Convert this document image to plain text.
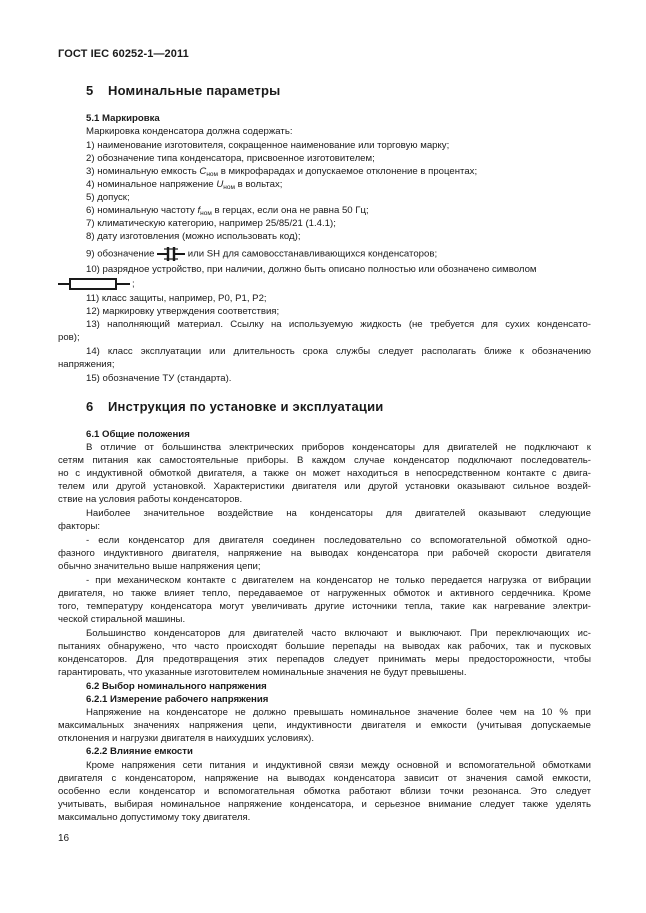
ГОСТ IEC 60252-1—2011
5 Номинальные параметры
5.1 Маркировка
Маркировка конденсатора должна содержать:
1) наименование изготовителя, сокращенное наименование или торговую марку;
2) обозначение типа конденсатора, присвоенное изготовителем;
3) номинальную емкость $C_{ном}$ в микрофарадах и допускаемое отклонение в процентах;
4) номинальное напряжение $U_{ном}$ в вольтах;
5) допуск;
6) номинальную частоту $f_{ном}$ в герцах, если она не равна 50 Гц;
7) климатическую категорию, например 25/85/21 (1.4.1);
8) дату изготовления (можно использовать код);
9) обозначение	или SH для самовосстанавливающихся конденсаторов;
10) разрядное устройство, при наличии, должно быть описано полностью или обозначено символом
;
11) класс защиты, например, P0, P1, P2;
12) маркировку утверждения соответствия;
13) наполняющий материал. Ссылку на используемую жидкость (не требуется для сухих конденсато-
ров);
14) класс эксплуатации или длительность срока службы следует располагать ближе к обозначению
напряжения;
15) обозначение ТУ (стандарта).
6 Инструкция по установке и эксплуатации
6.1 Общие положения
В отличие от большинства электрических приборов конденсаторы для двигателей не подключают к
сетям питания как самостоятельные приборы. В каждом случае конденсатор подключают последователь-
но с индуктивной обмоткой двигателя, а также он может находиться в непосредственном контакте с двига-
телем или другой установкой. Характеристики двигателя или другой установки оказывают сильное воздей-
ствие на условия работы конденсаторов.
Наиболее значительное воздействие на конденсаторы для двигателей оказывают следующие
факторы:
- если конденсатор для двигателя соединен последовательно со вспомогательной обмоткой одно-
фазного индуктивного двигателя, напряжение на выводах конденсатора при рабочей скорости двигателя
обычно значительно выше напряжения цепи;
- при механическом контакте с двигателем на конденсатор не только передается нагрузка от вибрации
двигателя, но также влияет тепло, передаваемое от нагруженных обмоток и активного сердечника. Кроме
того, температуру конденсатора могут увеличивать другие источники тепла, такие как нагревание электри-
ческой стиральной машины.
Большинство конденсаторов для двигателей часто включают и выключают. При переключающих ис-
пытаниях обнаружено, что часто происходят большие перепады на выводах как рабочих, так и пусковых
конденсаторов. Для предотвращения этих перепадов следует принимать меры предосторожности, чтобы
гарантировать, что указанные изготовителем номинальные значения не будут превышены.
6.2 Выбор номинального напряжения
6.2.1 Измерение рабочего напряжения
Напряжение на конденсаторе не должно превышать номинальное значение более чем на 10 % при
максимальных значениях напряжения цепи, индуктивности двигателя и емкости (учитывая допускаемые
отклонения и нагрузки двигателя в наихудших условиях).
6.2.2 Влияние емкости
Кроме напряжения сети питания и индуктивной связи между основной и вспомогательной обмотками
двигателя с конденсатором, напряжение на выводах конденсатора зависит от значения самой емкости,
особенно если конденсатор и вспомогательная обмотка работают вблизи точки резонанса. Это следует
учитывать, выбирая номинальное напряжение конденсатора, и серьезное внимание следует также уделять
максимально допустимому току двигателя.
16
